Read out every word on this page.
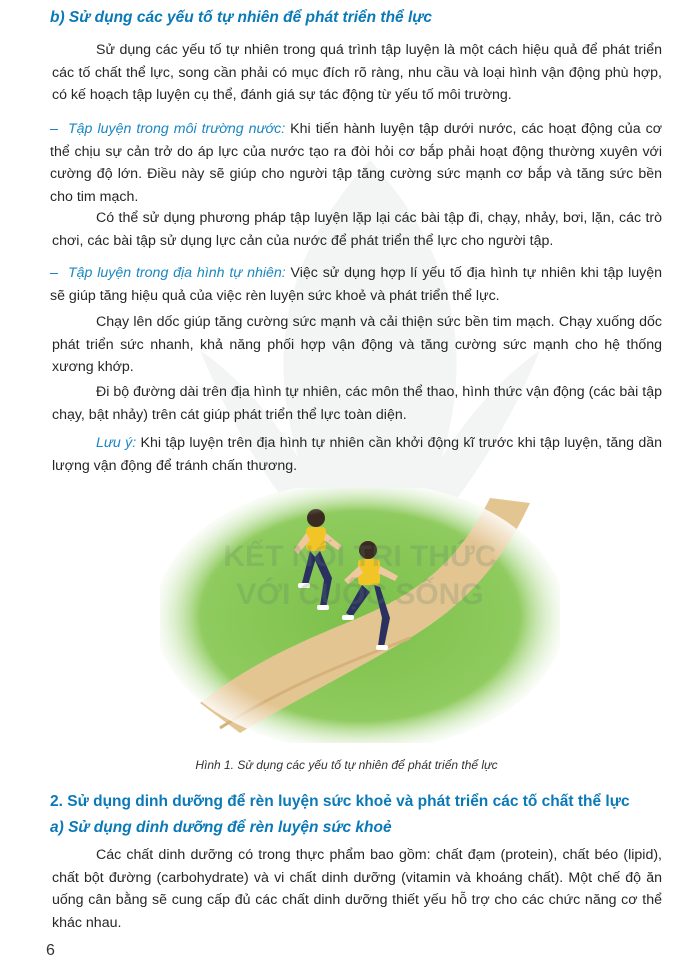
b) Sử dụng các yếu tố tự nhiên để phát triển thể lực

Sử dụng các yếu tố tự nhiên trong quá trình tập luyện là một cách hiệu quả để phát triển các tố chất thể lực, song cần phải có mục đích rõ ràng, nhu cầu và loại hình vận động phù hợp, có kế hoạch tập luyện cụ thể, đánh giá sự tác động từ yếu tố môi trường.

– Tập luyện trong môi trường nước: Khi tiến hành luyện tập dưới nước, các hoạt động của cơ thể chịu sự cản trở do áp lực của nước tạo ra đòi hỏi cơ bắp phải hoạt động thường xuyên với cường độ lớn. Điều này sẽ giúp cho người tập tăng cường sức mạnh cơ bắp và tăng sức bền cho tim mạch.

Có thể sử dụng phương pháp tập luyện lặp lại các bài tập đi, chạy, nhảy, bơi, lặn, các trò chơi, các bài tập sử dụng lực cản của nước để phát triển thể lực cho người tập.

– Tập luyện trong địa hình tự nhiên: Việc sử dụng hợp lí yếu tố địa hình tự nhiên khi tập luyện sẽ giúp tăng hiệu quả của việc rèn luyện sức khoẻ và phát triển thể lực.

Chạy lên dốc giúp tăng cường sức mạnh và cải thiện sức bền tim mạch. Chạy xuống dốc phát triển sức nhanh, khả năng phối hợp vận động và tăng cường sức mạnh cho hệ thống xương khớp.

Đi bộ đường dài trên địa hình tự nhiên, các môn thể thao, hình thức vận động (các bài tập chạy, bật nhảy) trên cát giúp phát triển thể lực toàn diện.

Lưu ý: Khi tập luyện trên địa hình tự nhiên cần khởi động kĩ trước khi tập luyện, tăng dần lượng vận động để tránh chấn thương.

Hình 1. Sử dụng các yếu tố tự nhiên để phát triển thể lực
2. Sử dụng dinh dưỡng để rèn luyện sức khoẻ và phát triển các tố chất thể lực
a) Sử dụng dinh dưỡng để rèn luyện sức khoẻ

Các chất dinh dưỡng có trong thực phẩm bao gồm: chất đạm (protein), chất béo (lipid), chất bột đường (carbohydrate) và vi chất dinh dưỡng (vitamin và khoáng chất). Một chế độ ăn uống cân bằng sẽ cung cấp đủ các chất dinh dưỡng thiết yếu hỗ trợ cho các chức năng cơ thể khác nhau.

6
